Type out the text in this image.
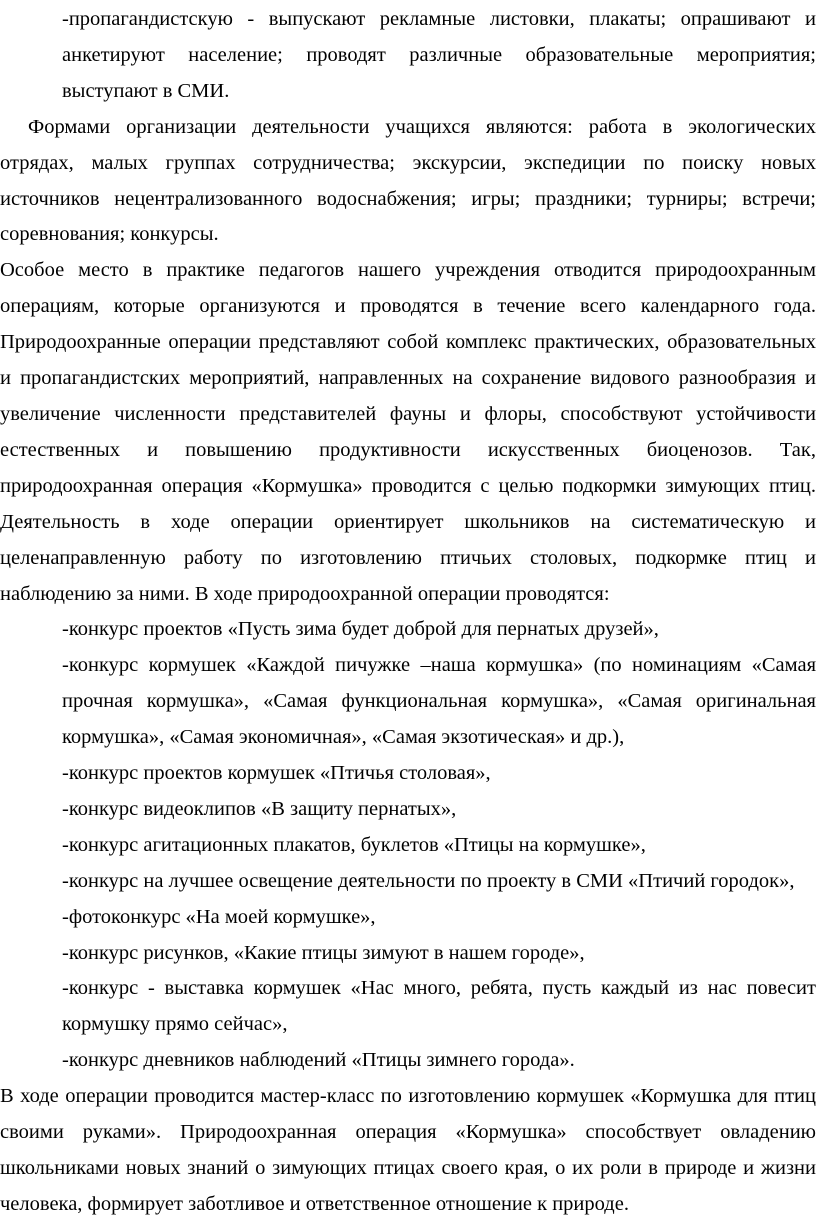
-пропагандистскую - выпускают рекламные листовки, плакаты; опрашивают и анкетируют население; проводят различные образовательные мероприятия; выступают в СМИ.

Формами организации деятельности учащихся являются: работа в экологических отрядах, малых группах сотрудничества; экскурсии, экспедиции по поиску новых источников нецентрализованного водоснабжения; игры; праздники; турниры; встречи; соревнования; конкурсы.

Особое место в практике педагогов нашего учреждения отводится природоохранным операциям, которые организуются и проводятся в течение всего календарного года. Природоохранные операции представляют собой комплекс практических, образовательных и пропагандистских мероприятий, направленных на сохранение видового разнообразия и увеличение численности представителей фауны и флоры, способствуют устойчивости естественных и повышению продуктивности искусственных биоценозов. Так, природоохранная операция «Кормушка» проводится с целью подкормки зимующих птиц. Деятельность в ходе операции ориентирует школьников на систематическую и целенаправленную работу по изготовлению птичьих столовых, подкормке птиц и наблюдению за ними. В ходе природоохранной операции проводятся:

-конкурс проектов «Пусть зима будет доброй для пернатых друзей»,

-конкурс кормушек «Каждой пичужке –наша кормушка» (по номинациям «Самая прочная кормушка», «Самая функциональная кормушка», «Самая оригинальная кормушка», «Самая экономичная», «Самая экзотическая» и др.),

-конкурс проектов кормушек «Птичья столовая»,

-конкурс видеоклипов «В защиту пернатых»,

-конкурс агитационных плакатов, буклетов «Птицы на кормушке»,

-конкурс на лучшее освещение деятельности по проекту в СМИ «Птичий городок»,

-фотоконкурс «На моей кормушке»,

-конкурс рисунков, «Какие птицы зимуют в нашем городе»,

-конкурс - выставка кормушек «Нас много, ребята, пусть каждый из нас повесит кормушку прямо сейчас»,

-конкурс дневников наблюдений «Птицы зимнего города».

В ходе операции проводится мастер-класс по изготовлению кормушек «Кормушка для птиц своими руками». Природоохранная операция «Кормушка» способствует овладению школьниками новых знаний о зимующих птицах своего края, о их роли в природе и жизни человека, формирует заботливое и ответственное отношение к природе.
